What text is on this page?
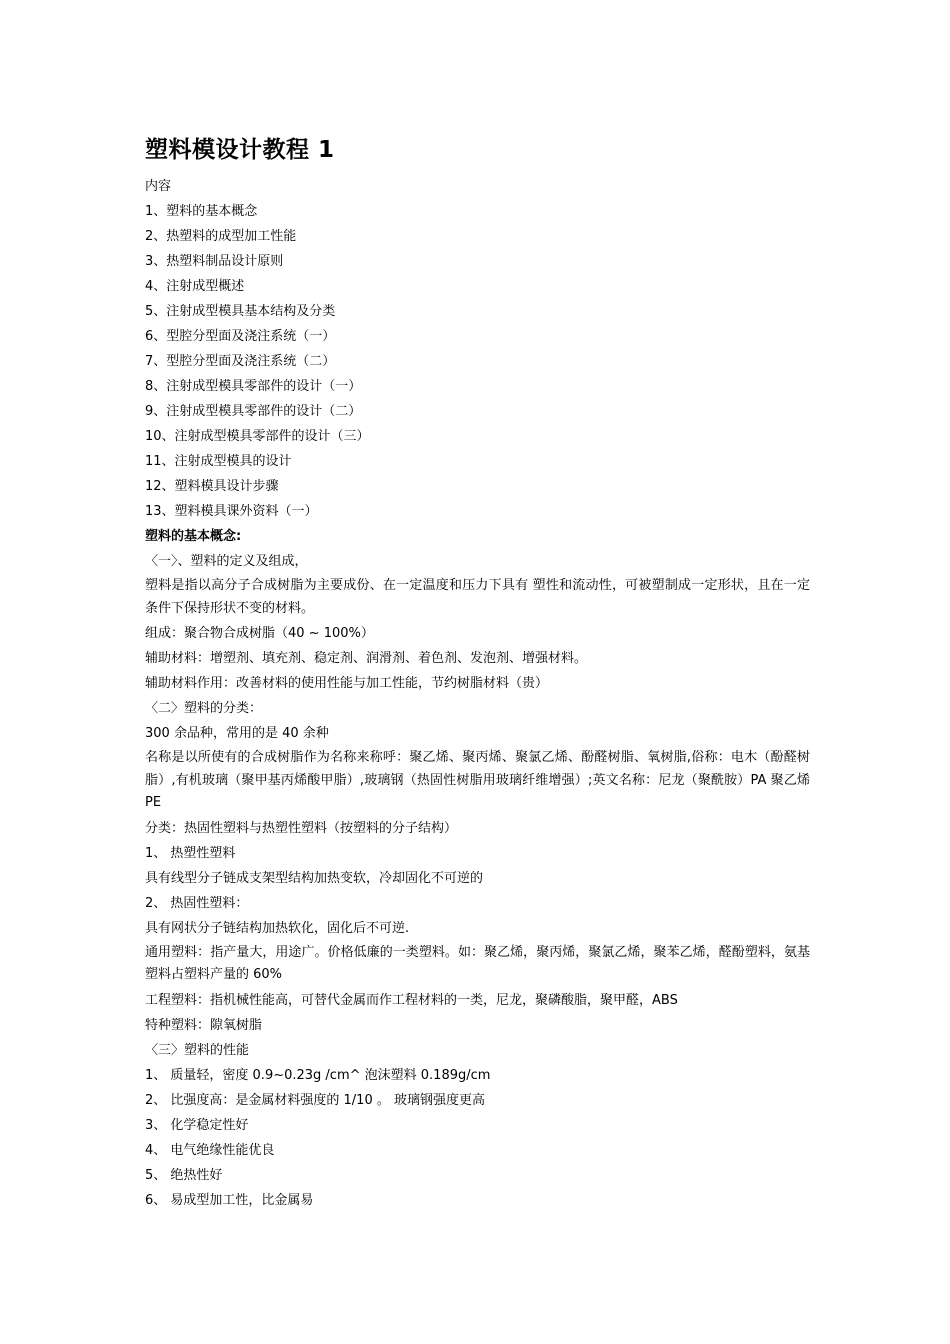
塑料模设计教程 1
内容
1、塑料的基本概念
2、热塑料的成型加工性能
3、热塑料制品设计原则
4、注射成型概述
5、注射成型模具基本结构及分类
6、型腔分型面及浇注系统（一）
7、型腔分型面及浇注系统（二）
8、注射成型模具零部件的设计（一）
9、注射成型模具零部件的设计（二）
10、注射成型模具零部件的设计（三）
11、注射成型模具的设计
12、塑料模具设计步骤
13、塑料模具课外资料（一）
塑料的基本概念:
〈一〉、塑料的定义及组成，
塑料是指以高分子合成树脂为主要成份、在一定温度和压力下具有 塑性和流动性，可被塑制成一定形状，且在一定条件下保持形状不变的材料。
组成：聚合物合成树脂（40 ~ 100%）
辅助材料：增塑剂、填充剂、稳定剂、润滑剂、着色剂、发泡剂、增强材料。
辅助材料作用：改善材料的使用性能与加工性能，节约树脂材料（贵）
〈二〉塑料的分类：
300 余品种，常用的是 40 余种
名称是以所使有的合成树脂作为名称来称呼：聚乙烯、聚丙烯、聚氯乙烯、酚醛树脂、氧树脂,俗称：电木（酚醛树脂）,有机玻璃（聚甲基丙烯酸甲脂）,玻璃钢（热固性树脂用玻璃纤维增强）;英文名称：尼龙（聚酰胺）PA 聚乙烯 PE
分类：热固性塑料与热塑性塑料（按塑料的分子结构）
1、 热塑性塑料
具有线型分子链成支架型结构加热变软，冷却固化不可逆的
2、 热固性塑料：
具有网状分子链结构加热软化，固化后不可逆.
通用塑料：指产量大，用途广。价格低廉的一类塑料。如：聚乙烯，聚丙烯，聚氯乙烯，聚苯乙烯，醛酚塑料，氨基塑料占塑料产量的 60%
工程塑料：指机械性能高，可替代金属而作工程材料的一类，尼龙，聚磷酸脂，聚甲醛，ABS
特种塑料：隙氧树脂
〈三〉塑料的性能
1、 质量轻，密度 0.9~0.23g /cm^ 泡沫塑料 0.189g/cm
2、 比强度高：是金属材料强度的 1/10 。 玻璃钢强度更高
3、 化学稳定性好
4、 电气绝缘性能优良
5、 绝热性好
6、 易成型加工性，比金属易
